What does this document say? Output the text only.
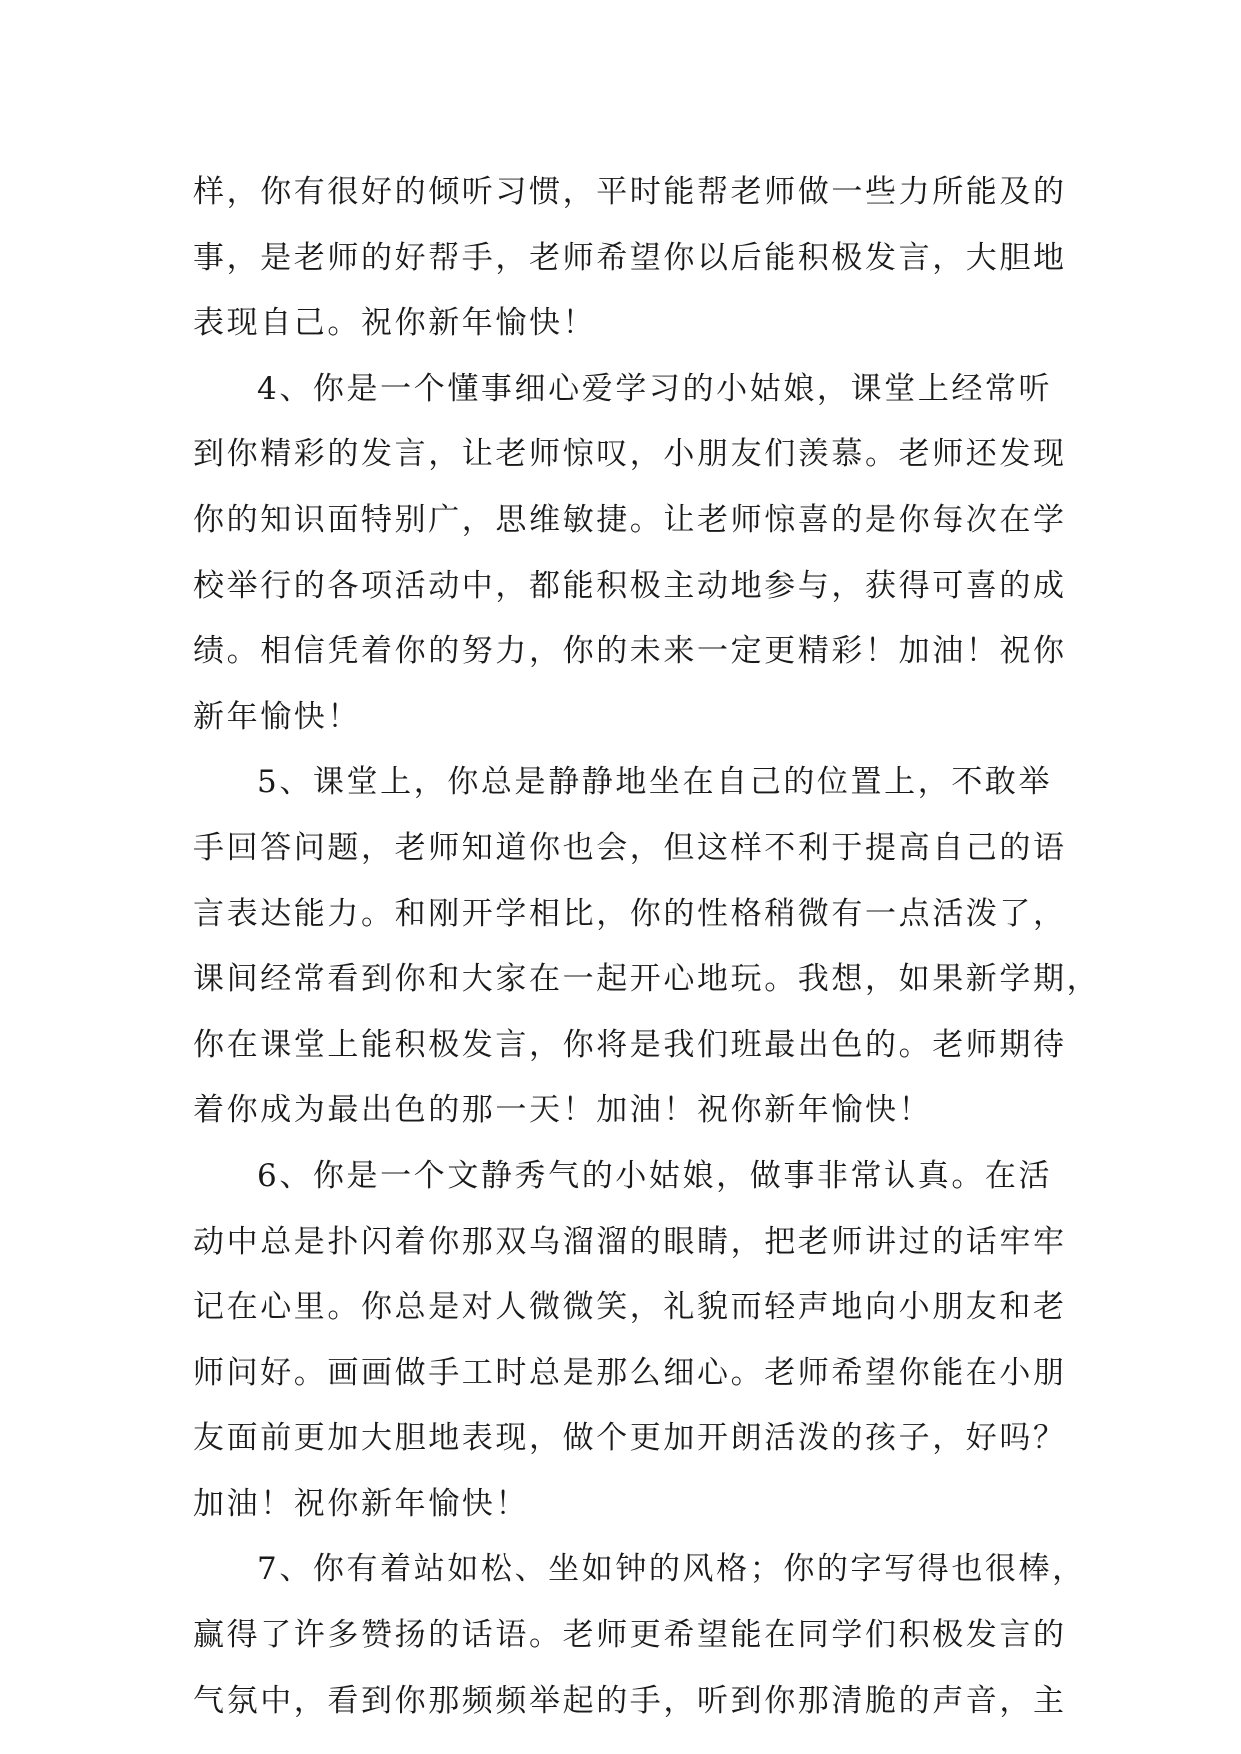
样，你有很好的倾听习惯，平时能帮老师做一些力所能及的
事，是老师的好帮手，老师希望你以后能积极发言，大胆地
表现自己。祝你新年愉快！
4、你是一个懂事细心爱学习的小姑娘，课堂上经常听
到你精彩的发言，让老师惊叹，小朋友们羡慕。老师还发现
你的知识面特别广，思维敏捷。让老师惊喜的是你每次在学
校举行的各项活动中，都能积极主动地参与，获得可喜的成
绩。相信凭着你的努力，你的未来一定更精彩！加油！祝你
新年愉快！
5、课堂上，你总是静静地坐在自己的位置上，不敢举
手回答问题，老师知道你也会，但这样不利于提高自己的语
言表达能力。和刚开学相比，你的性格稍微有一点活泼了，
课间经常看到你和大家在一起开心地玩。我想，如果新学期，
你在课堂上能积极发言，你将是我们班最出色的。老师期待
着你成为最出色的那一天！加油！祝你新年愉快！
6、你是一个文静秀气的小姑娘，做事非常认真。在活
动中总是扑闪着你那双乌溜溜的眼睛，把老师讲过的话牢牢
记在心里。你总是对人微微笑，礼貌而轻声地向小朋友和老
师问好。画画做手工时总是那么细心。老师希望你能在小朋
友面前更加大胆地表现，做个更加开朗活泼的孩子，好吗？
加油！祝你新年愉快！
7、你有着站如松、坐如钟的风格；你的字写得也很棒，
赢得了许多赞扬的话语。老师更希望能在同学们积极发言的
气氛中，看到你那频频举起的手，听到你那清脆的声音，主
